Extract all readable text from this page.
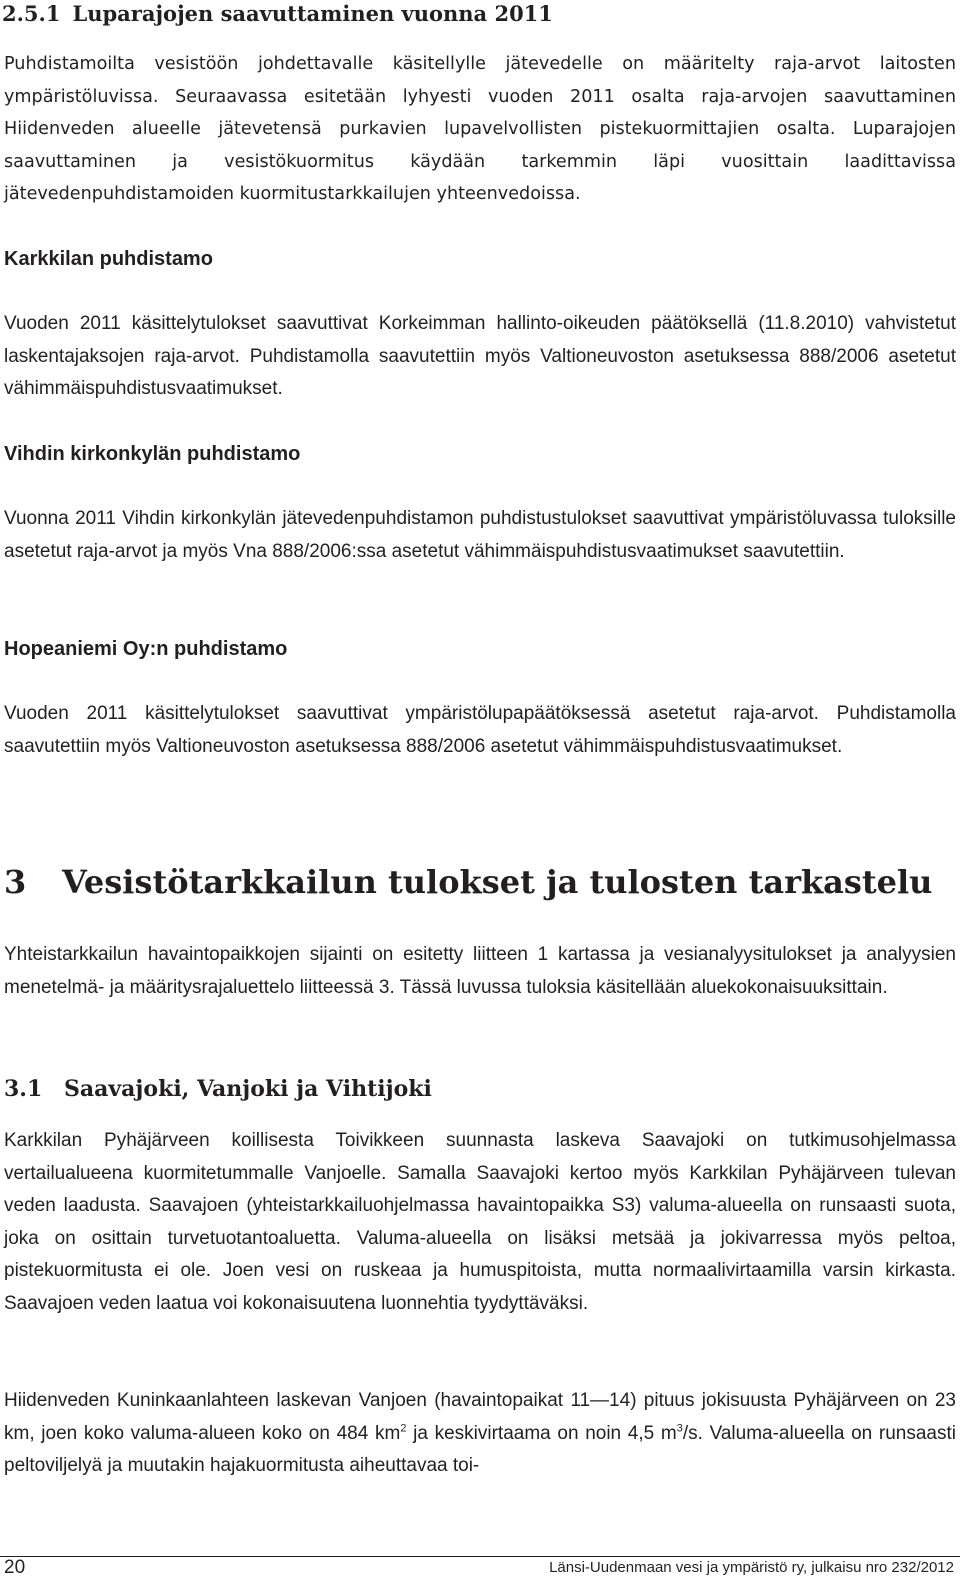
2.5.1 Luparajojen saavuttaminen vuonna 2011

Puhdistamoilta vesistöön johdettavalle käsitellylle jätevedelle on määritelty raja-arvot laitosten ympäristöluvissa. Seuraavassa esitetään lyhyesti vuoden 2011 osalta raja-arvojen saavuttaminen Hiidenveden alueelle jätevetensä purkavien lupavelvollisten pistekuormittajien osalta. Luparajojen saavuttaminen ja vesistökuormitus käydään tarkemmin läpi vuosittain laadittavissa jätevedenpuhdistamoiden kuormitustarkkailujen yhteenvedoissa.

Karkkilan puhdistamo

Vuoden 2011 käsittelytulokset saavuttivat Korkeimman hallinto-oikeuden päätöksellä (11.8.2010) vahvistetut laskentajaksojen raja-arvot. Puhdistamolla saavutettiin myös Valtioneuvoston asetuksessa 888/2006 asetetut vähimmäispuhdistusvaatimukset.

Vihdin kirkonkylän puhdistamo

Vuonna 2011 Vihdin kirkonkylän jätevedenpuhdistamon puhdistustulokset saavuttivat ympäristöluvassa tuloksille asetetut raja-arvot ja myös Vna 888/2006:ssa asetetut vähimmäispuhdistusvaatimukset saavutettiin.

Hopeaniemi Oy:n puhdistamo

Vuoden 2011 käsittelytulokset saavuttivat ympäristölupapäätöksessä asetetut raja-arvot. Puhdistamolla saavutettiin myös Valtioneuvoston asetuksessa 888/2006 asetetut vähimmäispuhdistusvaatimukset.

3 Vesistötarkkailun tulokset ja tulosten tarkastelu

Yhteistarkkailun havaintopaikkojen sijainti on esitetty liitteen 1 kartassa ja vesianalyysitulokset ja analyysien menetelmä- ja määritysrajaluettelo liitteessä 3. Tässä luvussa tuloksia käsitellään aluekokonaisuuksittain.

3.1 Saavajoki, Vanjoki ja Vihtijoki

Karkkilan Pyhäjärveen koillisesta Toivikkeen suunnasta laskeva Saavajoki on tutkimusohjelmassa vertailualueena kuormitetummalle Vanjoelle. Samalla Saavajoki kertoo myös Karkkilan Pyhäjärveen tulevan veden laadusta. Saavajoen (yhteistarkkailuohjelmassa havaintopaikka S3) valuma-alueella on runsaasti suota, joka on osittain turvetuotantoaluetta. Valuma-alueella on lisäksi metsää ja jokivarressa myös peltoa, pistekuormitusta ei ole. Joen vesi on ruskeaa ja humuspitoista, mutta normaalivirtaamilla varsin kirkasta. Saavajoen veden laatua voi kokonaisuutena luonnehtia tyydyttäväksi.

Hiidenveden Kuninkaanlahteen laskevan Vanjoen (havaintopaikat 11—14) pituus jokisuusta Pyhäjärveen on 23 km, joen koko valuma-alueen koko on 484 $km^2$ ja keskivirtaama on noin 4,5 $m^3/s$. Valuma-alueella on runsaasti peltoviljelyä ja muutakin hajakuormitusta aiheuttavaa toi-

20	Länsi-Uudenmaan vesi ja ympäristö ry, julkaisu nro 232/2012
